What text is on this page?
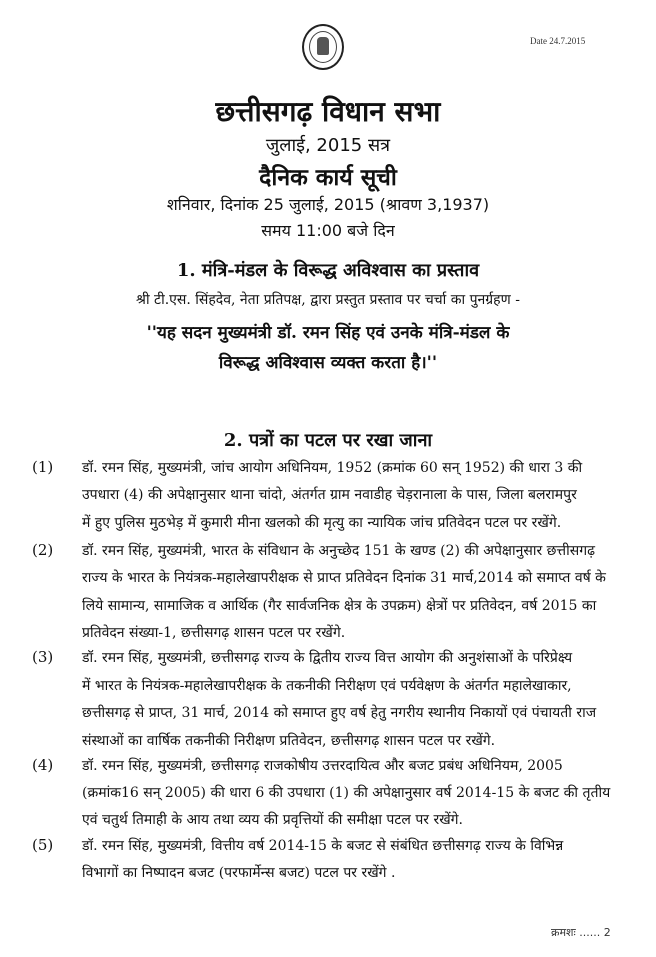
Date 24.7.2015
छत्तीसगढ़ विधान सभा
जुलाई, 2015 सत्र
दैनिक कार्य सूची
शनिवार, दिनांक 25 जुलाई, 2015 (श्रावण 3,1937)
समय 11:00 बजे दिन
1. मंत्रि-मंडल के विरूद्ध अविश्वास का प्रस्ताव
श्री टी.एस. सिंहदेव, नेता प्रतिपक्ष, द्वारा प्रस्तुत प्रस्ताव पर चर्चा का पुनर्ग्रहण -
''यह सदन मुख्यमंत्री डॉ. रमन सिंह एवं उनके मंत्रि-मंडल के
विरूद्ध अविश्वास व्यक्त करता है।''
2. पत्रों का पटल पर रखा जाना
(1) डॉ. रमन सिंह, मुख्यमंत्री, जांच आयोग अधिनियम, 1952 (क्रमांक 60 सन् 1952) की धारा 3 की
उपधारा (4) की अपेक्षानुसार थाना चांदो, अंतर्गत ग्राम नवाडीह चेड़रानाला के पास, जिला बलरामपुर
में हुए पुलिस मुठभेड़ में कुमारी मीना खलको की मृत्यु का न्यायिक जांच प्रतिवेदन पटल पर रखेंगे.
(2) डॉ. रमन सिंह, मुख्यमंत्री, भारत के संविधान के अनुच्छेद 151 के खण्ड (2) की अपेक्षानुसार छत्तीसगढ़
राज्य के भारत के नियंत्रक-महालेखापरीक्षक से प्राप्त प्रतिवेदन दिनांक 31 मार्च,2014 को समाप्त वर्ष के
लिये सामान्य, सामाजिक व आर्थिक (गैर सार्वजनिक क्षेत्र के उपक्रम) क्षेत्रों पर प्रतिवेदन, वर्ष 2015 का
प्रतिवेदन संख्या-1, छत्तीसगढ़ शासन पटल पर रखेंगे.
(3) डॉ. रमन सिंह, मुख्यमंत्री, छत्तीसगढ़ राज्य के द्वितीय राज्य वित्त आयोग की अनुशंसाओं के परिप्रेक्ष्य
में भारत के नियंत्रक-महालेखापरीक्षक के तकनीकी निरीक्षण एवं पर्यवेक्षण के अंतर्गत महालेखाकार,
छत्तीसगढ़ से प्राप्त, 31 मार्च, 2014 को समाप्त हुए वर्ष हेतु नगरीय स्थानीय निकायों एवं पंचायती राज
संस्थाओं का वार्षिक तकनीकी निरीक्षण प्रतिवेदन, छत्तीसगढ़ शासन पटल पर रखेंगे.
(4) डॉ. रमन सिंह, मुख्यमंत्री, छत्तीसगढ़ राजकोषीय उत्तरदायित्व और बजट प्रबंध अधिनियम, 2005
(क्रमांक16 सन् 2005) की धारा 6 की उपधारा (1) की अपेक्षानुसार वर्ष 2014-15 के बजट की तृतीय
एवं चतुर्थ तिमाही के आय तथा व्यय की प्रवृत्तियों की समीक्षा पटल पर रखेंगे.
(5) डॉ. रमन सिंह, मुख्यमंत्री, वित्तीय वर्ष 2014-15 के बजट से संबंधित छत्तीसगढ़ राज्य के विभिन्न
विभागों का निष्पादन बजट (परफार्मेन्स बजट) पटल पर रखेंगे .
क्रमशः ...... 2
